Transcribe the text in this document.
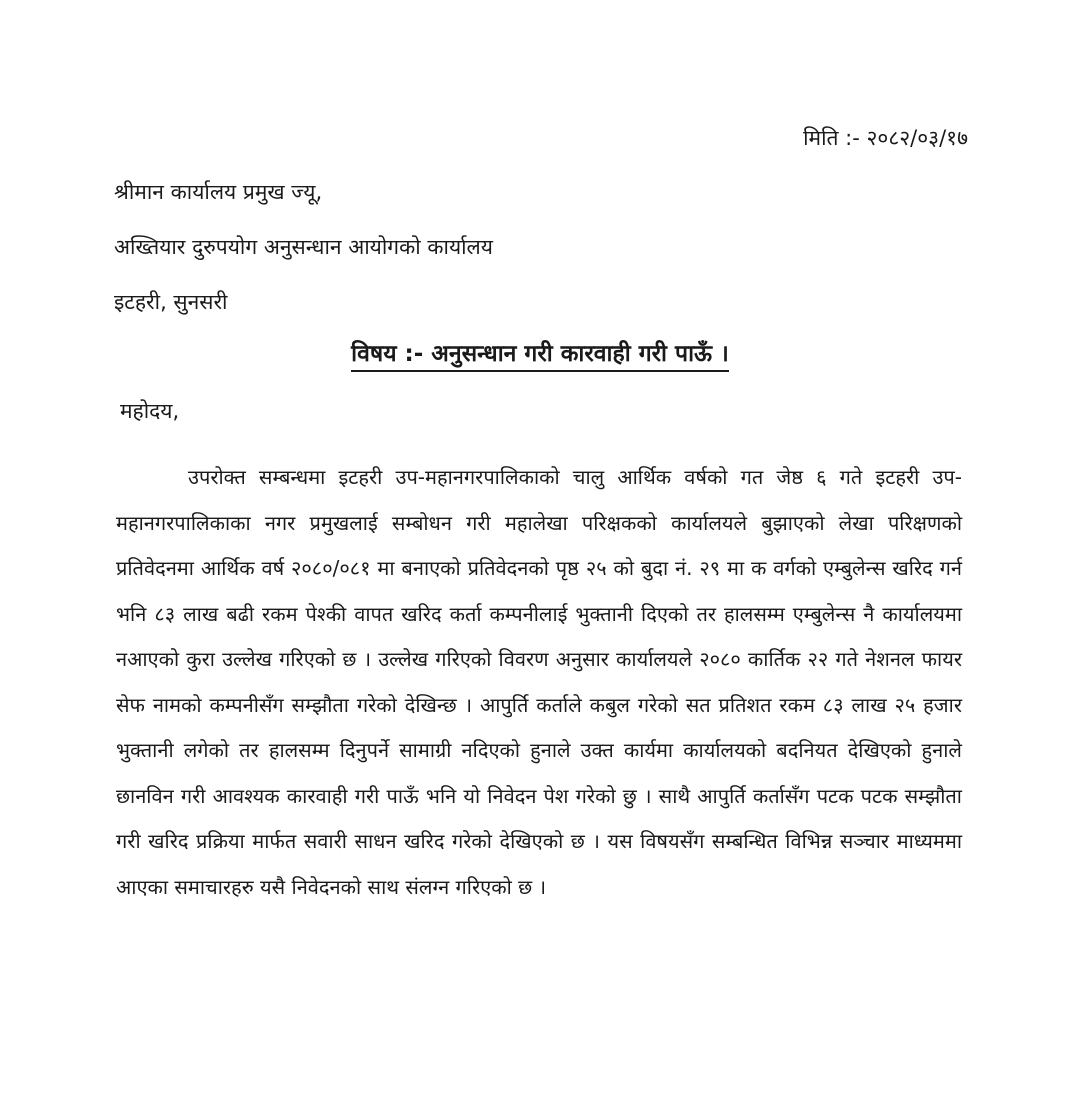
मिति :- २०८२/०३/१७
श्रीमान कार्यालय प्रमुख ज्यू,
अख्तियार दुरुपयोग अनुसन्धान आयोगको कार्यालय
इटहरी, सुनसरी
विषय :- अनुसन्धान गरी कारवाही गरी पाऊँ ।
महोदय,

उपरोक्त सम्बन्धमा इटहरी उप-महानगरपालिकाको चालु आर्थिक वर्षको गत जेष्ठ ६ गते इटहरी उप-महानगरपालिकाका नगर प्रमुखलाई सम्बोधन गरी महालेखा परिक्षकको कार्यालयले बुझाएको लेखा परिक्षणको प्रतिवेदनमा आर्थिक वर्ष २०८०/०८१ मा बनाएको प्रतिवेदनको पृष्ठ २५ को बुदा नं. २९ मा क वर्गको एम्बुलेन्स खरिद गर्न भनि ८३ लाख बढी रकम पेश्की वापत खरिद कर्ता कम्पनीलाई भुक्तानी दिएको तर हालसम्म एम्बुलेन्स नै कार्यालयमा नआएको कुरा उल्लेख गरिएको छ । उल्लेख गरिएको विवरण अनुसार कार्यालयले २०८० कार्तिक २२ गते नेशनल फायर सेफ नामको कम्पनीसँग सम्झौता गरेको देखिन्छ । आपुर्ति कर्ताले कबुल गरेको सत प्रतिशत रकम ८३ लाख २५ हजार भुक्तानी लगेको तर हालसम्म दिनुपर्ने सामाग्री नदिएको हुनाले उक्त कार्यमा कार्यालयको बदनियत देखिएको हुनाले छानविन गरी आवश्यक कारवाही गरी पाऊँ भनि यो निवेदन पेश गरेको छु । साथै आपुर्ति कर्तासँग पटक पटक सम्झौता गरी खरिद प्रक्रिया मार्फत सवारी साधन खरिद गरेको देखिएको छ । यस विषयसँग सम्बन्धित विभिन्न सञ्चार माध्यममा आएका समाचारहरु यसै निवेदनको साथ संलग्न गरिएको छ ।
